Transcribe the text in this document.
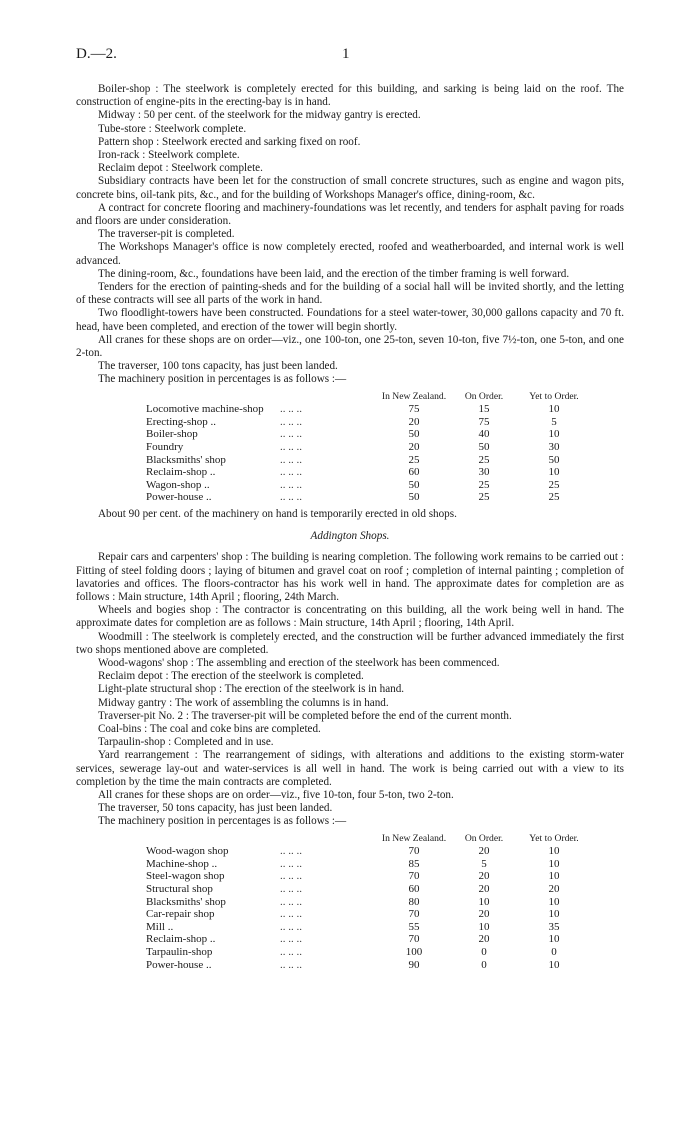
D.—2.	1

Boiler-shop : The steelwork is completely erected for this building, and sarking is being laid on the roof. The construction of engine-pits in the erecting-bay is in hand.

Midway : 50 per cent. of the steelwork for the midway gantry is erected.

Tube-store : Steelwork complete.

Pattern shop : Steelwork erected and sarking fixed on roof.

Iron-rack : Steelwork complete.

Reclaim depot : Steelwork complete.

Subsidiary contracts have been let for the construction of small concrete structures, such as engine and wagon pits, concrete bins, oil-tank pits, &c., and for the building of Workshops Manager's office, dining-room, &c.

A contract for concrete flooring and machinery-foundations was let recently, and tenders for asphalt paving for roads and floors are under consideration.

The traverser-pit is completed.

The Workshops Manager's office is now completely erected, roofed and weatherboarded, and internal work is well advanced.

The dining-room, &c., foundations have been laid, and the erection of the timber framing is well forward.

Tenders for the erection of painting-sheds and for the building of a social hall will be invited shortly, and the letting of these contracts will see all parts of the work in hand.

Two floodlight-towers have been constructed. Foundations for a steel water-tower, 30,000 gallons capacity and 70 ft. head, have been completed, and erection of the tower will begin shortly.

All cranes for these shops are on order—viz., one 100-ton, one 25-ton, seven 10-ton, five 7½-ton, one 5-ton, and one 2-ton.

The traverser, 100 tons capacity, has just been landed.

The machinery position in percentages is as follows :—

	In New Zealand.	On Order.	Yet to Order.
Locomotive machine-shop .. .. ..	75	15	10
Erecting-shop .. .. .. ..	20	75	5
Boiler-shop .. .. ..	50	40	10
Foundry .. .. ..	20	50	30
Blacksmiths' shop .. .. ..	25	25	50
Reclaim-shop .. .. .. ..	60	30	10
Wagon-shop .. .. .. ..	50	25	25
Power-house .. .. .. ..	50	25	25

About 90 per cent. of the machinery on hand is temporarily erected in old shops.

Addington Shops.

Repair cars and carpenters' shop : The building is nearing completion. The following work remains to be carried out : Fitting of steel folding doors ; laying of bitumen and gravel coat on roof ; completion of internal painting ; completion of lavatories and offices. The floors-contractor has his work well in hand. The approximate dates for completion are as follows : Main structure, 14th April ; flooring, 24th March.

Wheels and bogies shop : The contractor is concentrating on this building, all the work being well in hand. The approximate dates for completion are as follows : Main structure, 14th April ; flooring, 14th April.

Woodmill : The steelwork is completely erected, and the construction will be further advanced immediately the first two shops mentioned above are completed.

Wood-wagons' shop : The assembling and erection of the steelwork has been commenced.

Reclaim depot : The erection of the steelwork is completed.

Light-plate structural shop : The erection of the steelwork is in hand.

Midway gantry : The work of assembling the columns is in hand.

Traverser-pit No. 2 : The traverser-pit will be completed before the end of the current month.

Coal-bins : The coal and coke bins are completed.

Tarpaulin-shop : Completed and in use.

Yard rearrangement : The rearrangement of sidings, with alterations and additions to the existing storm-water services, sewerage lay-out and water-services is all well in hand. The work is being carried out with a view to its completion by the time the main contracts are completed.

All cranes for these shops are on order—viz., five 10-ton, four 5-ton, two 2-ton.

The traverser, 50 tons capacity, has just been landed.

The machinery position in percentages is as follows :—

	In New Zealand.	On Order.	Yet to Order.
Wood-wagon shop .. .. ..	70	20	10
Machine-shop .. .. .. ..	85	5	10
Steel-wagon shop .. .. ..	70	20	10
Structural shop .. .. ..	60	20	20
Blacksmiths' shop .. .. ..	80	10	10
Car-repair shop .. .. ..	70	20	10
Mill .. .. .. ..	55	10	35
Reclaim-shop .. .. .. ..	70	20	10
Tarpaulin-shop .. .. ..	100	0	0
Power-house .. .. .. ..	90	0	10
